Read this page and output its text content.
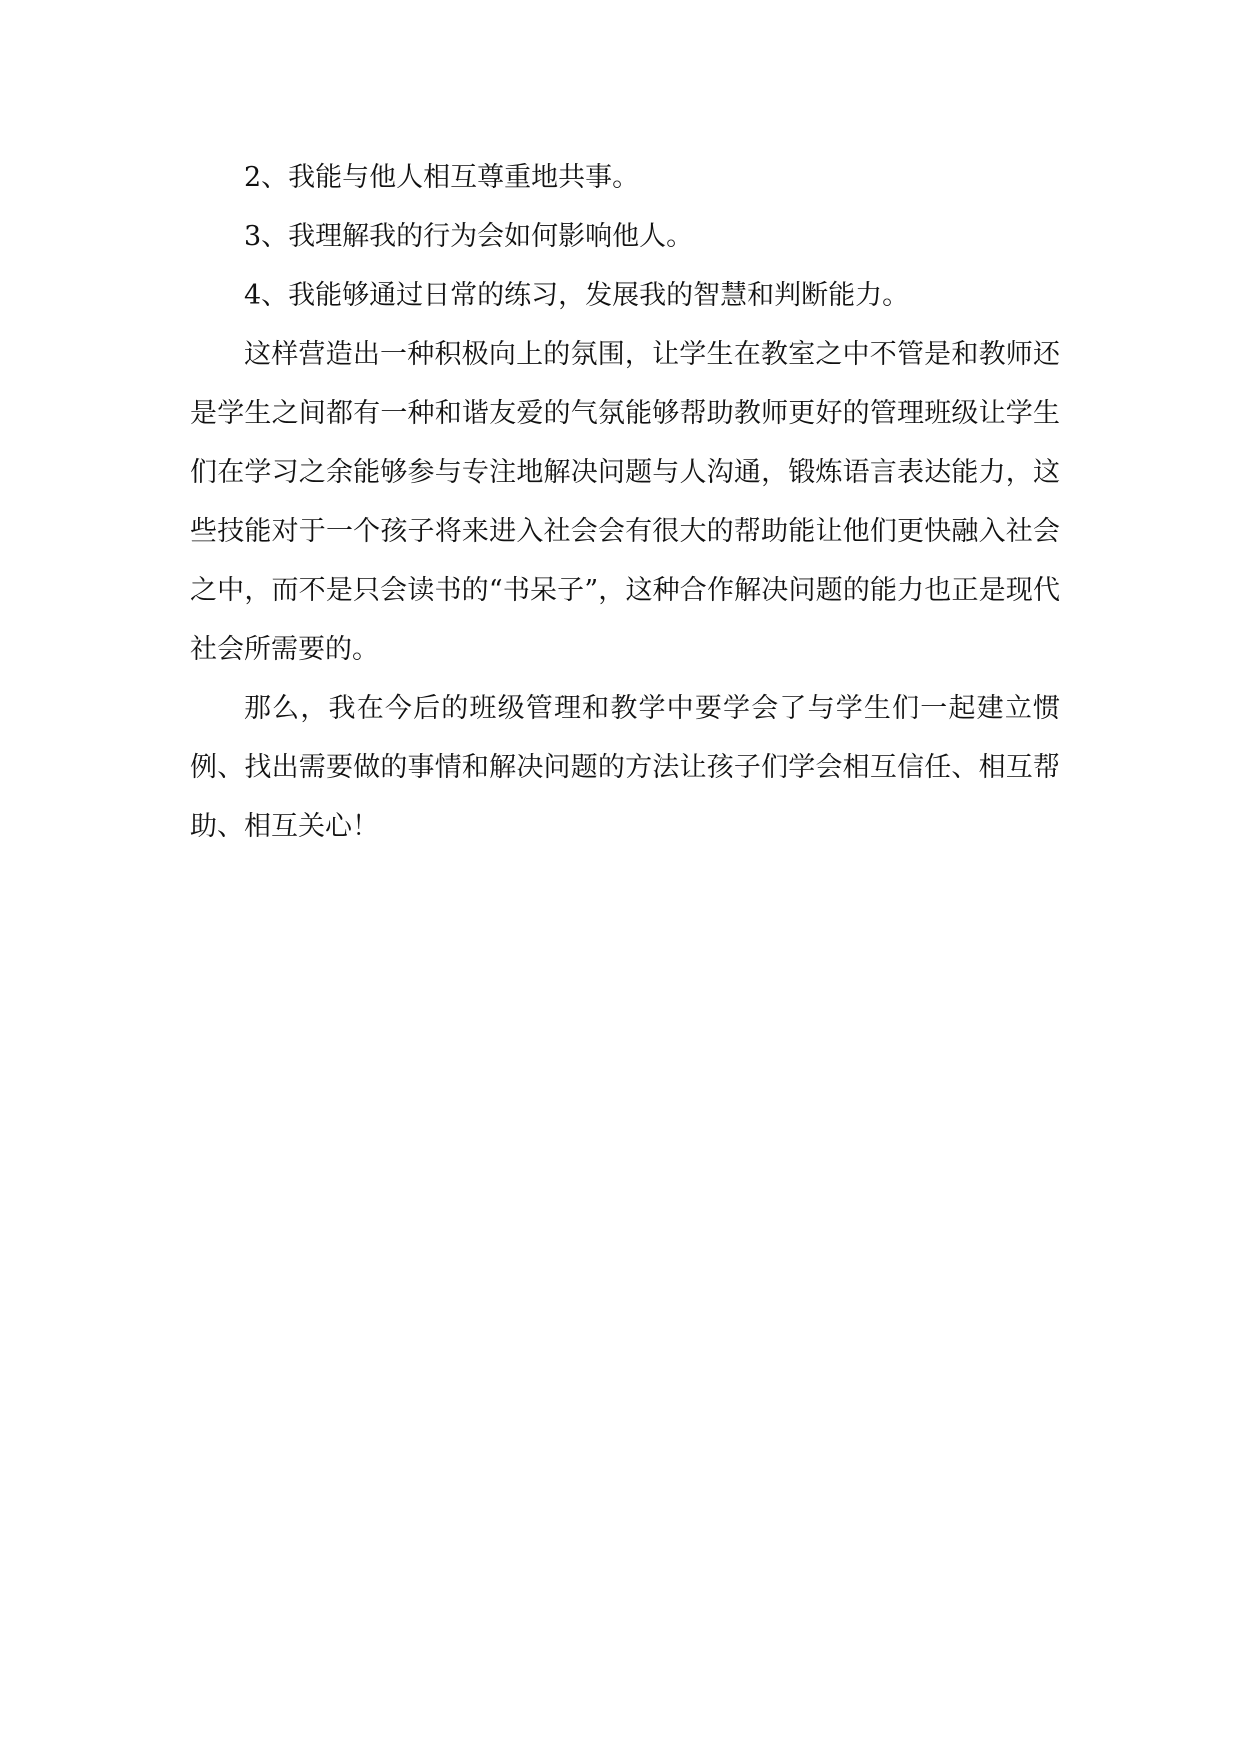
2、我能与他人相互尊重地共事。

3、我理解我的行为会如何影响他人。

4、我能够通过日常的练习，发展我的智慧和判断能力。

这样营造出一种积极向上的氛围，让学生在教室之中不管是和教师还是学生之间都有一种和谐友爱的气氛能够帮助教师更好的管理班级让学生们在学习之余能够参与专注地解决问题与人沟通，锻炼语言表达能力，这些技能对于一个孩子将来进入社会会有很大的帮助能让他们更快融入社会之中，而不是只会读书的“书呆子”，这种合作解决问题的能力也正是现代社会所需要的。

那么，我在今后的班级管理和教学中要学会了与学生们一起建立惯例、找出需要做的事情和解决问题的方法让孩子们学会相互信任、相互帮助、相互关心！
